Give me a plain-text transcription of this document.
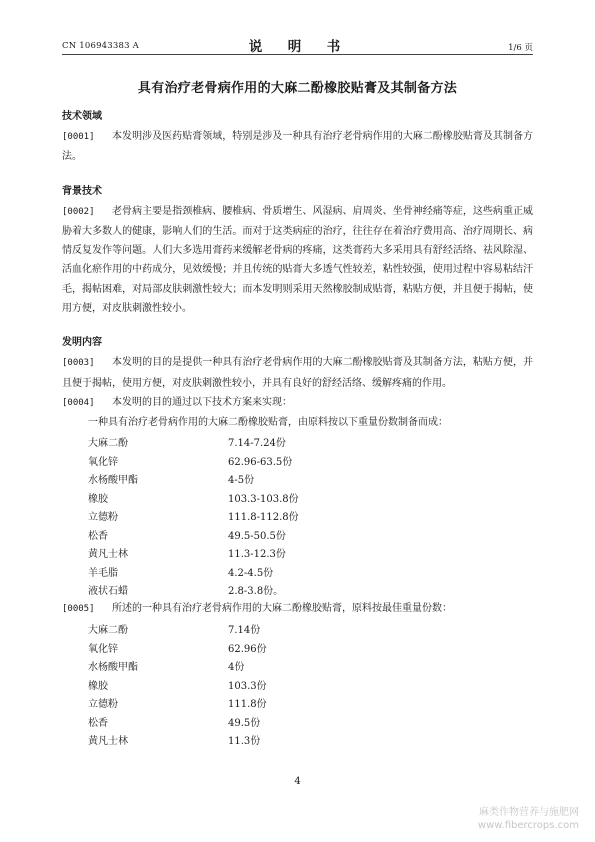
CN 106943383 A	说　明　书	1/6 页
具有治疗老骨病作用的大麻二酚橡胶贴膏及其制备方法

技术领域

[0001] 本发明涉及医药贴膏领域，特别是涉及一种具有治疗老骨病作用的大麻二酚橡胶贴膏及其制备方法。

背景技术

[0002] 老骨病主要是指颈椎病、腰椎病、骨质增生、风湿病、肩周炎、坐骨神经痛等症，这些病重正威胁着大多数人的健康，影响人们的生活。而对于这类病症的治疗，往往存在着治疗费用高、治疗周期长、病情反复发作等问题。人们大多选用膏药来缓解老骨病的疼痛，这类膏药大多采用具有舒经活络、祛风除湿、活血化瘀作用的中药成分，见效缓慢；并且传统的贴膏大多透气性较差，粘性较强，使用过程中容易粘结汗毛，揭帖困难，对局部皮肤刺激性较大；而本发明则采用天然橡胶制成贴膏，粘贴方便，并且便于揭帖，使用方便，对皮肤刺激性较小。

发明内容

[0003] 本发明的目的是提供一种具有治疗老骨病作用的大麻二酚橡胶贴膏及其制备方法，粘贴方便，并且便于揭帖，使用方便，对皮肤刺激性较小，并具有良好的舒经活络、缓解疼痛的作用。

[0004] 本发明的目的通过以下技术方案来实现：

一种具有治疗老骨病作用的大麻二酚橡胶贴膏，由原料按以下重量份数制备而成：

大麻二酚	7.14-7.24份
氧化锌	62.96-63.5份
水杨酸甲酯	4-5份
橡胶	103.3-103.8份
立德粉	111.8-112.8份
松香	49.5-50.5份
黄凡士林	11.3-12.3份
羊毛脂	4.2-4.5份
液状石蜡	2.8-3.8份。

[0005] 所述的一种具有治疗老骨病作用的大麻二酚橡胶贴膏，原料按最佳重量份数：

大麻二酚	7.14份
氧化锌	62.96份
水杨酸甲酯	4份
橡胶	103.3份
立德粉	111.8份
松香	49.5份
黄凡士林	11.3份
4
麻类作物营养与施肥网
www.fibercrops.com
